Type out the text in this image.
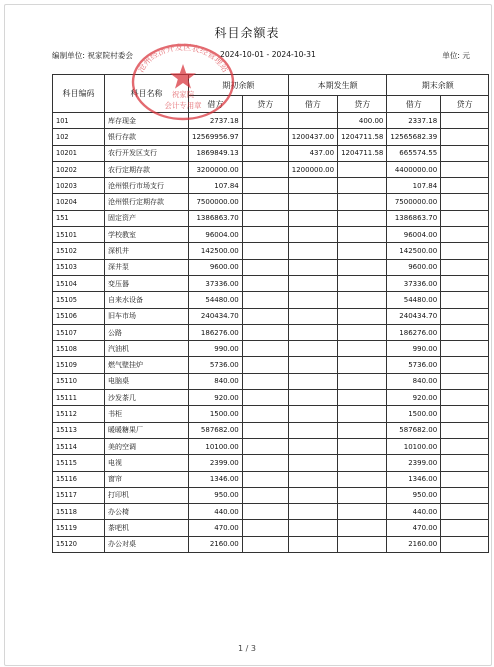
科目余额表
编制单位: 祝家院村委会	2024-10-01 - 2024-10-31	单位: 元
科目编码	科目名称	期初余额		本期发生额		期末余额	
		借方	贷方	借方	贷方	借方	贷方
101	库存现金	2737.18			400.00	2337.18	
102	银行存款	12569956.97		1200437.00	1204711.58	12565682.39	
10201	农行开发区支行	1869849.13		437.00	1204711.58	665574.55	
10202	农行定期存款	3200000.00		1200000.00		4400000.00	
10203	沧州银行市场支行	107.84				107.84	
10204	沧州银行定期存款	7500000.00				7500000.00	
151	固定资产	1386863.70				1386863.70	
15101	学校教室	96004.00				96004.00	
15102	深机井	142500.00				142500.00	
15103	深井泵	9600.00				9600.00	
15104	变压器	37336.00				37336.00	
15105	自来水设备	54480.00				54480.00	
15106	旧车市场	240434.70				240434.70	
15107	公路	186276.00				186276.00	
15108	汽油机	990.00				990.00	
15109	燃气壁挂炉	5736.00				5736.00	
15110	电脑桌	840.00				840.00	
15111	沙发茶几	920.00				920.00	
15112	书柜	1500.00				1500.00	
15113	暖暖糖果厂	587682.00				587682.00	
15114	美的空调	10100.00				10100.00	
15115	电视	2399.00				2399.00	
15116	窗帘	1346.00				1346.00	
15117	打印机	950.00				950.00	
15118	办公椅	440.00				440.00	
15119	茶吧机	470.00				470.00	
15120	办公对桌	2160.00				2160.00	
沧州经济开发区农经管理站
祝家院
会计专用章
1 / 3
